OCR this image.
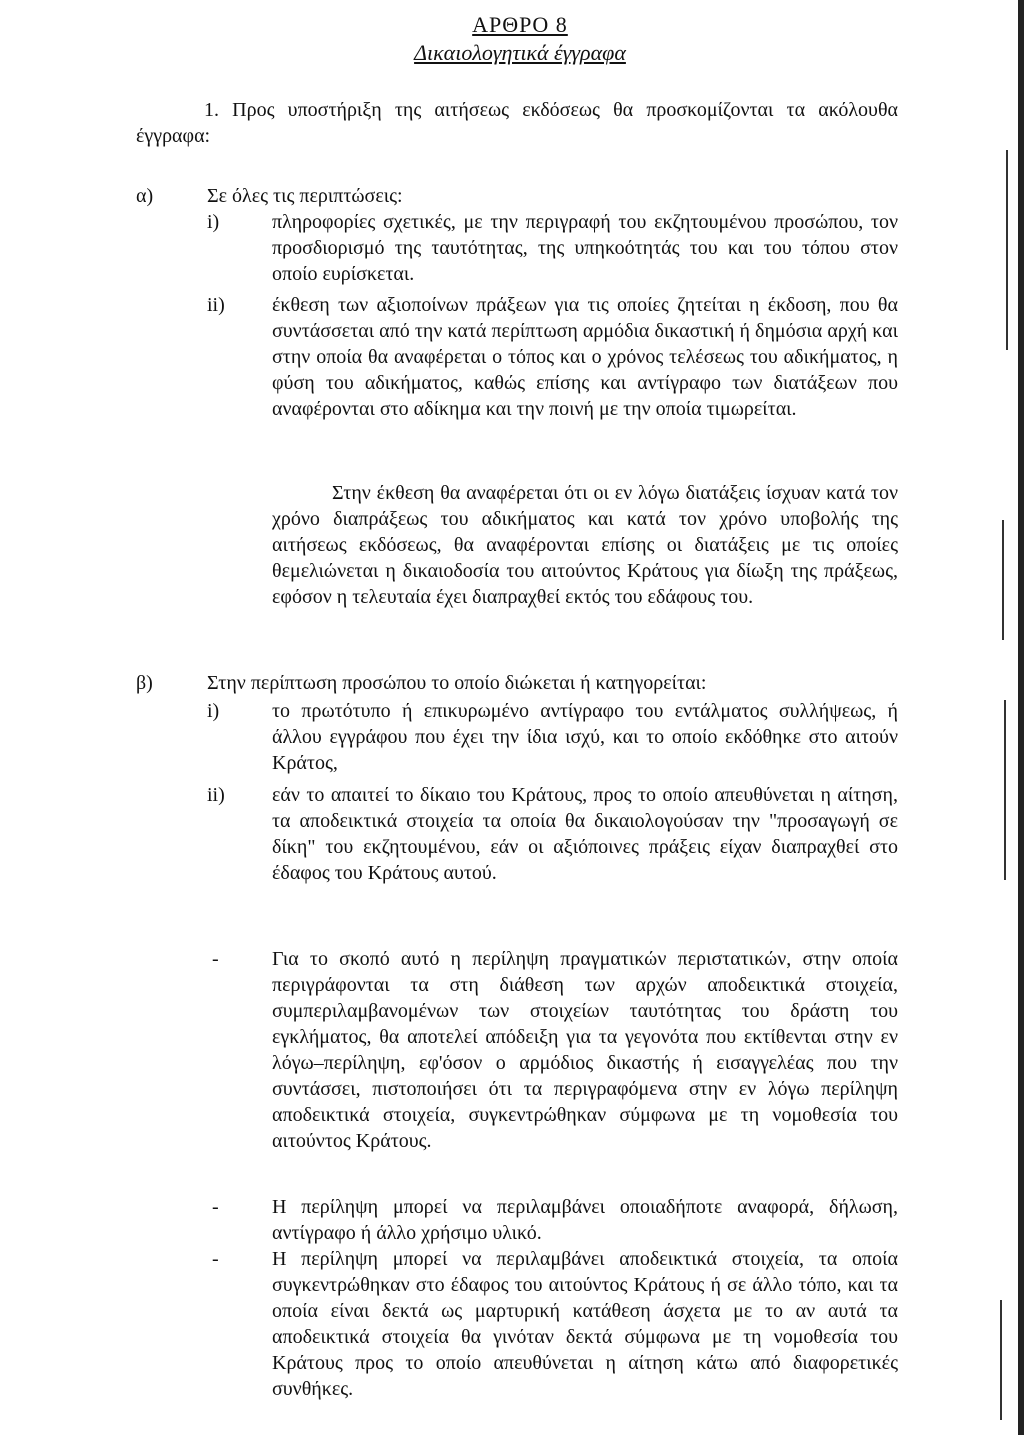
ΑΡΘΡΟ 8
Δικαιολογητικά έγγραφα
1. Προς υποστήριξη της αιτήσεως εκδόσεως θα προσκομίζονται τα ακόλουθα έγγραφα:
α)	Σε όλες τις περιπτώσεις:
i)	πληροφορίες σχετικές, με την περιγραφή του εκζητουμένου προσώπου, τον προσδιορισμό της ταυτότητας, της υπηκοότητάς του και του τόπου στον οποίο ευρίσκεται.
ii) έκθεση των αξιοποίνων πράξεων για τις οποίες ζητείται η έκδοση, που θα συντάσσεται από την κατά περίπτωση αρμόδια δικαστική ή δημόσια αρχή και στην οποία θα αναφέρεται ο τόπος και ο χρόνος τελέσεως του αδικήματος, η φύση του αδικήματος, καθώς επίσης και αντίγραφο των διατάξεων που αναφέρονται στο αδίκημα και την ποινή με την οποία τιμωρείται.
Στην έκθεση θα αναφέρεται ότι οι εν λόγω διατάξεις ίσχυαν κατά τον χρόνο διαπράξεως του αδικήματος και κατά τον χρόνο υποβολής της αιτήσεως εκδόσεως, θα αναφέρονται επίσης οι διατάξεις με τις οποίες θεμελιώνεται η δικαιοδοσία του αιτούντος Κράτους για δίωξη της πράξεως, εφόσον η τελευταία έχει διαπραχθεί εκτός του εδάφους του.
β)	Στην περίπτωση προσώπου το οποίο διώκεται ή κατηγορείται:
i)	το πρωτότυπο ή επικυρωμένο αντίγραφο του εντάλματος συλλήψεως, ή άλλου εγγράφου που έχει την ίδια ισχύ, και το οποίο εκδόθηκε στο αιτούν Κράτος,
ii) εάν το απαιτεί το δίκαιο του Κράτους, προς το οποίο απευθύνεται η αίτηση, τα αποδεικτικά στοιχεία τα οποία θα δικαιολογούσαν την "προσαγωγή σε δίκη" του εκζητουμένου, εάν οι αξιόποινες πράξεις είχαν διαπραχθεί στο έδαφος του Κράτους αυτού.
-	Για το σκοπό αυτό η περίληψη πραγματικών περιστατικών, στην οποία περιγράφονται τα στη διάθεση των αρχών αποδεικτικά στοιχεία, συμπεριλαμβανομένων των στοιχείων ταυτότητας του δράστη του εγκλήματος, θα αποτελεί απόδειξη για τα γεγονότα που εκτίθενται στην εν λόγω–περίληψη, εφ'όσον ο αρμόδιος δικαστής ή εισαγγελέας που την συντάσσει, πιστοποιήσει ότι τα περιγραφόμενα στην εν λόγω περίληψη αποδεικτικά στοιχεία, συγκεντρώθηκαν σύμφωνα με τη νομοθεσία του αιτούντος Κράτους.
-	Η περίληψη μπορεί να περιλαμβάνει οποιαδήποτε αναφορά, δήλωση, αντίγραφο ή άλλο χρήσιμο υλικό.
-	Η περίληψη μπορεί να περιλαμβάνει αποδεικτικά στοιχεία, τα οποία συγκεντρώθηκαν στο έδαφος του αιτούντος Κράτους ή σε άλλο τόπο, και τα οποία είναι δεκτά ως μαρτυρική κατάθεση άσχετα με το αν αυτά τα αποδεικτικά στοιχεία θα γινόταν δεκτά σύμφωνα με τη νομοθεσία του Κράτους προς το οποίο απευθύνεται η αίτηση κάτω από διαφορετικές συνθήκες.
